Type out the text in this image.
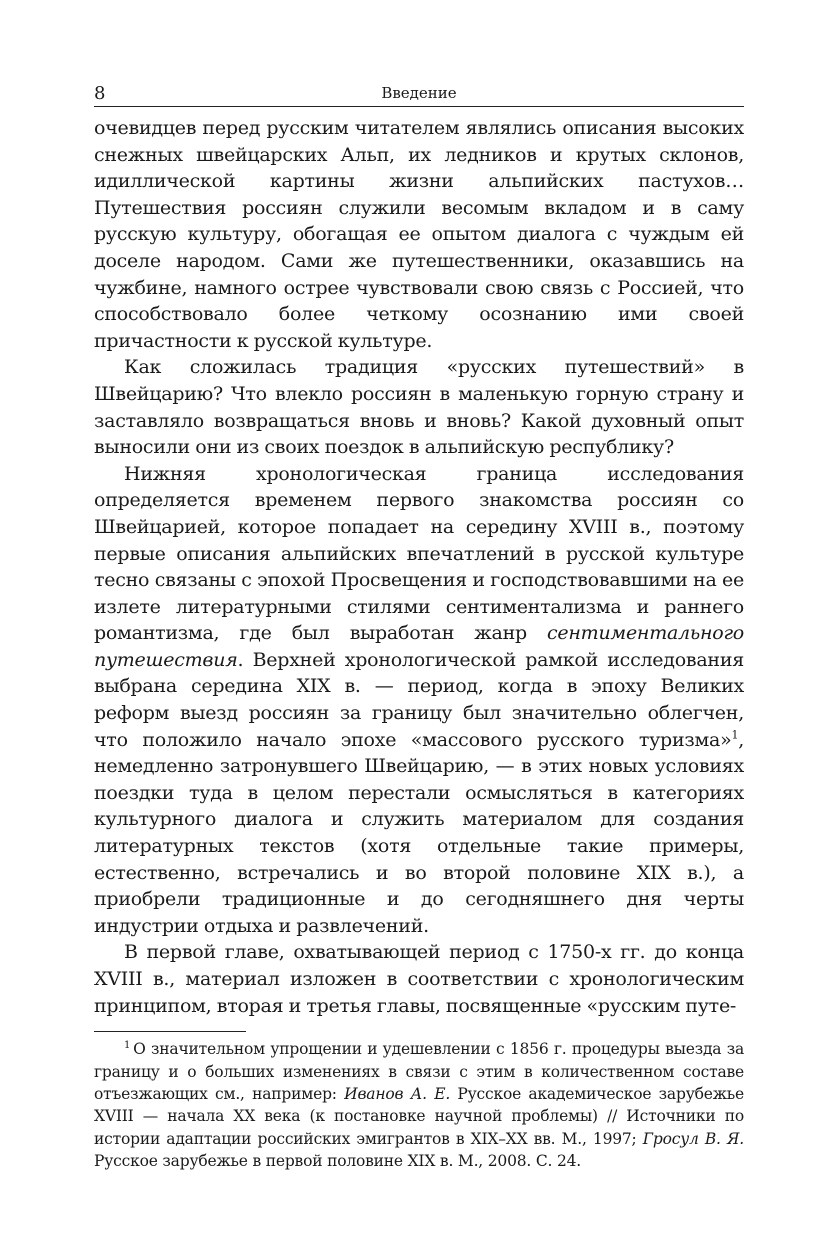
8	Введение

очевидцев перед русским читателем являлись описания высоких снежных швейцарских Альп, их ледников и крутых склонов, идиллической картины жизни альпийских пастухов… Путешествия россиян служили весомым вкладом и в саму русскую культуру, обогащая ее опытом диалога с чуждым ей доселе народом. Сами же путешественники, оказавшись на чужбине, намного острее чувствовали свою связь с Россией, что способствовало более четкому осознанию ими своей причастности к русской культуре.

Как сложилась традиция «русских путешествий» в Швейцарию? Что влекло россиян в маленькую горную страну и заставляло возвращаться вновь и вновь? Какой духовный опыт выносили они из своих поездок в альпийскую республику?

Нижняя хронологическая граница исследования определяется временем первого знакомства россиян со Швейцарией, которое попадает на середину XVIII в., поэтому первые описания альпийских впечатлений в русской культуре тесно связаны с эпохой Просвещения и господствовавшими на ее излете литературными стилями сентиментализма и раннего романтизма, где был выработан жанр сентиментального путешествия. Верхней хронологической рамкой исследования выбрана середина XIX в. — период, когда в эпоху Великих реформ выезд россиян за границу был значительно облегчен, что положило начало эпохе «массового русского туризма»$^1$, немедленно затронувшего Швейцарию, — в этих новых условиях поездки туда в целом перестали осмысляться в категориях культурного диалога и служить материалом для создания литературных текстов (хотя отдельные такие примеры, естественно, встречались и во второй половине XIX в.), а приобрели традиционные и до сегодняшнего дня черты индустрии отдыха и развлечений.

В первой главе, охватывающей период с 1750-х гг. до конца XVIII в., материал изложен в соответствии с хронологическим принципом, вторая и третья главы, посвященные «русским путе-

$^1$ О значительном упрощении и удешевлении с 1856 г. процедуры выезда за границу и о больших изменениях в связи с этим в количественном составе отъезжающих см., например: Иванов А. Е. Русское академическое зарубежье XVIII — начала XX века (к постановке научной проблемы) // Источники по истории адаптации российских эмигрантов в XIX–XX вв. М., 1997; Гросул В. Я. Русское зарубежье в первой половине XIX в. М., 2008. С. 24.
